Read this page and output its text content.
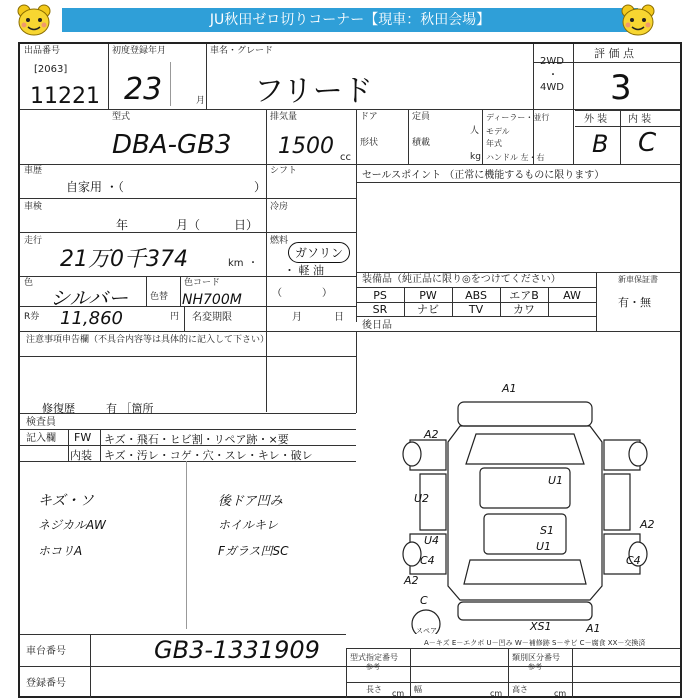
JU秋田ゼロ切りコーナー【現車：秋田会場】
出品番号
[2063]
11221
初度登録年月
23	月
車名・グレード
フリード
2WD
・
4WD
評 価 点
3
型式
DBA-GB3
排気量
1500 cc
ドア
形状
定員
積載
人
kg
ディーラー・並行
モデル
年式
ハンドル 左・右
外 装 内 装
B C
車歴
自家用 ・（	）
シフト	セールスポイント （正常に機能するものに限ります）
車検
年	月（	日）
冷房
走行
21万0千374	km ・
燃料
ガソリン
・ 軽 油
（　　　　）
色
シルバー 色替
色コード
NH700M
装備品（純正品に限り◎をつけてください）
PS	PW	ABS	エアB	AW
SR	ナビ	TV	カワ
新車保証書
有・無
R券 11,860	円 名変期限	月	日
後日品
注意事項申告欄（不具合内容等は具体的に記入して下さい）
修復歴	有 ［箇所
検査員
記入欄 FW キズ・飛石・ヒビ割・リペア跡・×要
内装 キズ・汚レ・コゲ・穴・スレ・キレ・破レ
キズ・ソ
ネジカルAW
ホコリA
後ドア凹み
ホイルキレ
Fガラス凹SC
A1
A2
U1
U2
U4
C4
S1
U1
A2
XS1	A1
C4
A2
C
スペア
A－キズ E－エクボ U－凹み W－補修跡 S－サビ C－腐食 XX－交換済
車台番号	GB3-1331909
登録番号
型式指定番号
参考
類別区分番号
参考
長さ cm 幅	cm 高さ	cm
